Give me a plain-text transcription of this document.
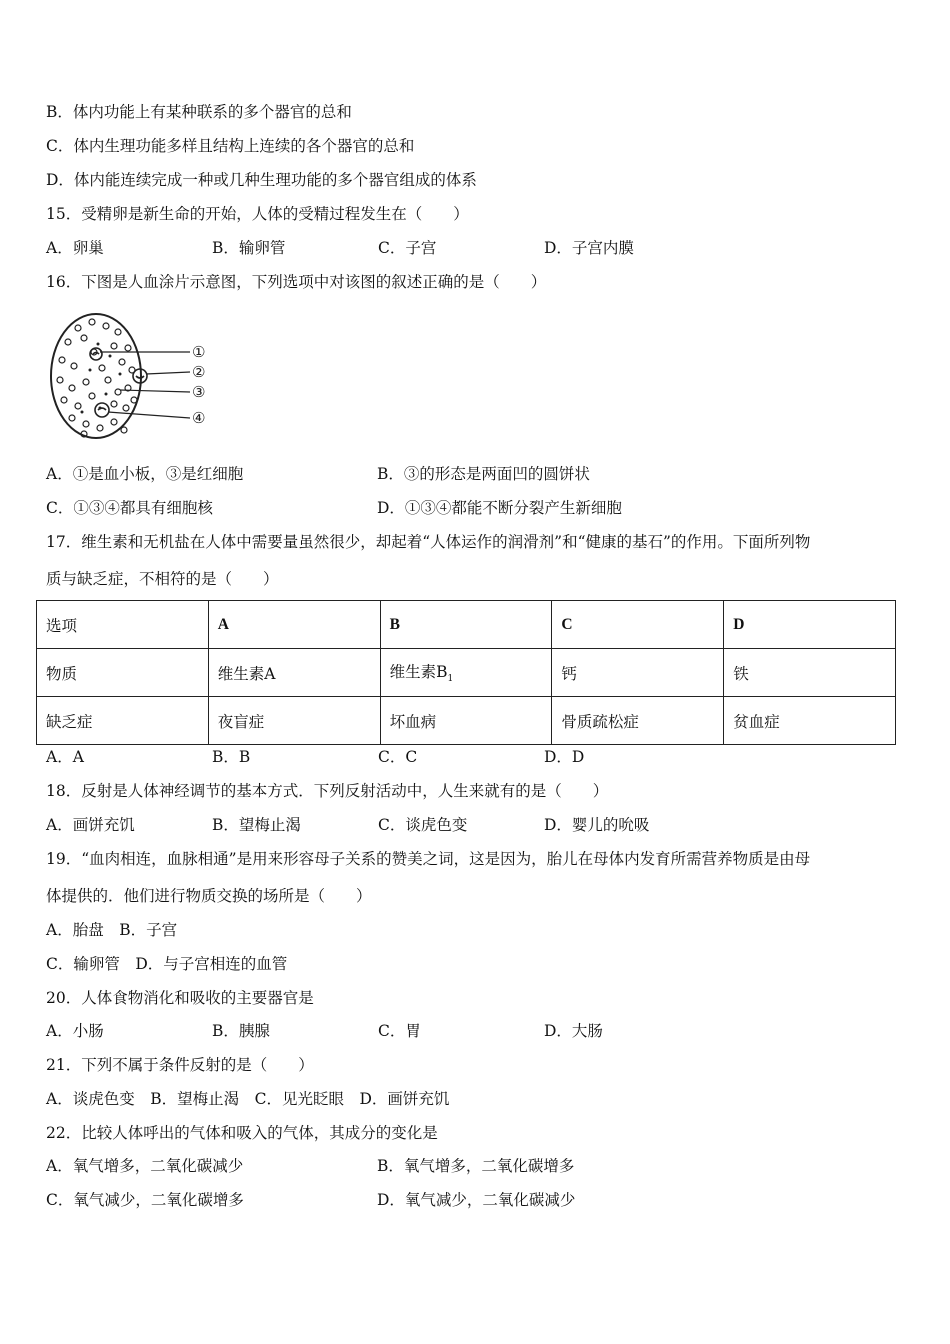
B．体内功能上有某种联系的多个器官的总和
C．体内生理功能多样且结构上连续的各个器官的总和
D．体内能连续完成一种或几种生理功能的多个器官组成的体系
15．受精卵是新生命的开始，人体的受精过程发生在（　　）
A．卵巢	B．输卵管	C．子宫	D．子宫内膜
16．下图是人血涂片示意图，下列选项中对该图的叙述正确的是（　　）
①
②
③
④
A．①是血小板，③是红细胞	B．③的形态是两面凹的圆饼状
C．①③④都具有细胞核	D．①③④都能不断分裂产生新细胞
17．维生素和无机盐在人体中需要量虽然很少，却起着“人体运作的润滑剂”和“健康的基石”的作用。下面所列物
质与缺乏症，不相符的是（　　）
选项	A	B	C	D
物质	维生素A	维生素$B_1$	钙	铁
缺乏症	夜盲症	坏血病	骨质疏松症	贫血症
A．A	B．B	C．C	D．D
18．反射是人体神经调节的基本方式．下列反射活动中，人生来就有的是（　　）
A．画饼充饥	B．望梅止渴	C．谈虎色变	D．婴儿的吮吸
19．“血肉相连，血脉相通”是用来形容母子关系的赞美之词，这是因为，胎儿在母体内发育所需营养物质是由母
体提供的．他们进行物质交换的场所是（　　）
A．胎盘　B．子宫
C．输卵管　D．与子宫相连的血管
20．人体食物消化和吸收的主要器官是
A．小肠	B．胰腺	C．胃	D．大肠
21．下列不属于条件反射的是（　　）
A．谈虎色变　B．望梅止渴　C．见光眨眼　D．画饼充饥
22．比较人体呼出的气体和吸入的气体，其成分的变化是
A．氧气增多，二氧化碳减少	B．氧气增多，二氧化碳增多
C．氧气减少，二氧化碳增多	D．氧气减少，二氧化碳减少
